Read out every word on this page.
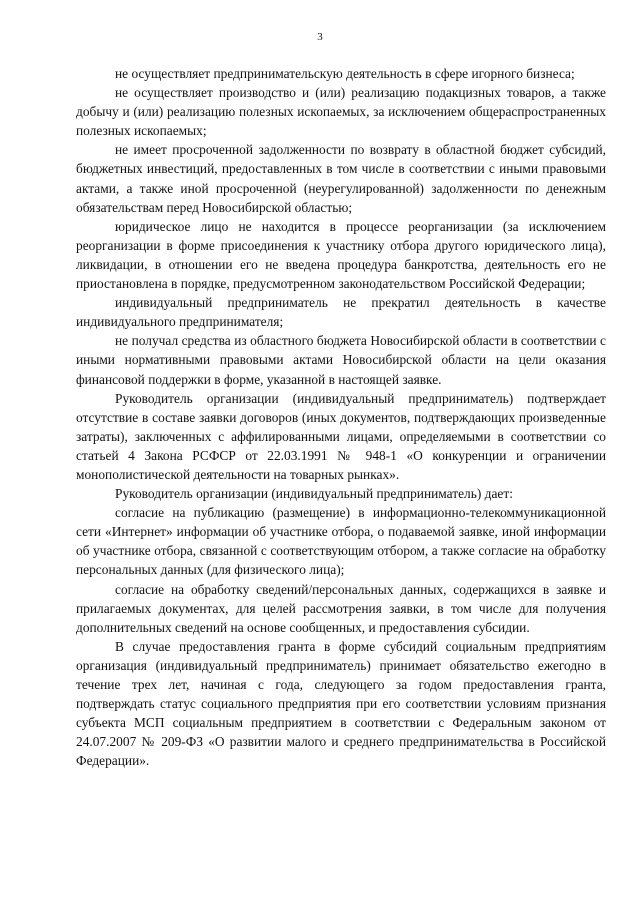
3

не осуществляет предпринимательскую деятельность в сфере игорного бизнеса;

не осуществляет производство и (или) реализацию подакцизных товаров, а также добычу и (или) реализацию полезных ископаемых, за исключением общераспространенных полезных ископаемых;

не имеет просроченной задолженности по возврату в областной бюджет субсидий, бюджетных инвестиций, предоставленных в том числе в соответствии с иными правовыми актами, а также иной просроченной (неурегулированной) задолженности по денежным обязательствам перед Новосибирской областью;

юридическое лицо не находится в процессе реорганизации (за исключением реорганизации в форме присоединения к участнику отбора другого юридического лица), ликвидации, в отношении его не введена процедура банкротства, деятельность его не приостановлена в порядке, предусмотренном законодательством Российской Федерации;

индивидуальный предприниматель не прекратил деятельность в качестве индивидуального предпринимателя;

не получал средства из областного бюджета Новосибирской области в соответствии с иными нормативными правовыми актами Новосибирской области на цели оказания финансовой поддержки в форме, указанной в настоящей заявке.

Руководитель организации (индивидуальный предприниматель) подтверждает отсутствие в составе заявки договоров (иных документов, подтверждающих произведенные затраты), заключенных с аффилированными лицами, определяемыми в соответствии со статьей 4 Закона РСФСР от 22.03.1991 № 948-1 «О конкуренции и ограничении монополистической деятельности на товарных рынках».

Руководитель организации (индивидуальный предприниматель) дает:

согласие на публикацию (размещение) в информационно-телекоммуникационной сети «Интернет» информации об участнике отбора, о подаваемой заявке, иной информации об участнике отбора, связанной с соответствующим отбором, а также согласие на обработку персональных данных (для физического лица);

согласие на обработку сведений/персональных данных, содержащихся в заявке и прилагаемых документах, для целей рассмотрения заявки, в том числе для получения дополнительных сведений на основе сообщенных, и предоставления субсидии.

В случае предоставления гранта в форме субсидий социальным предприятиям организация (индивидуальный предприниматель) принимает обязательство ежегодно в течение трех лет, начиная с года, следующего за годом предоставления гранта, подтверждать статус социального предприятия при его соответствии условиям признания субъекта МСП социальным предприятием в соответствии с Федеральным законом от 24.07.2007 № 209-ФЗ «О развитии малого и среднего предпринимательства в Российской Федерации».
